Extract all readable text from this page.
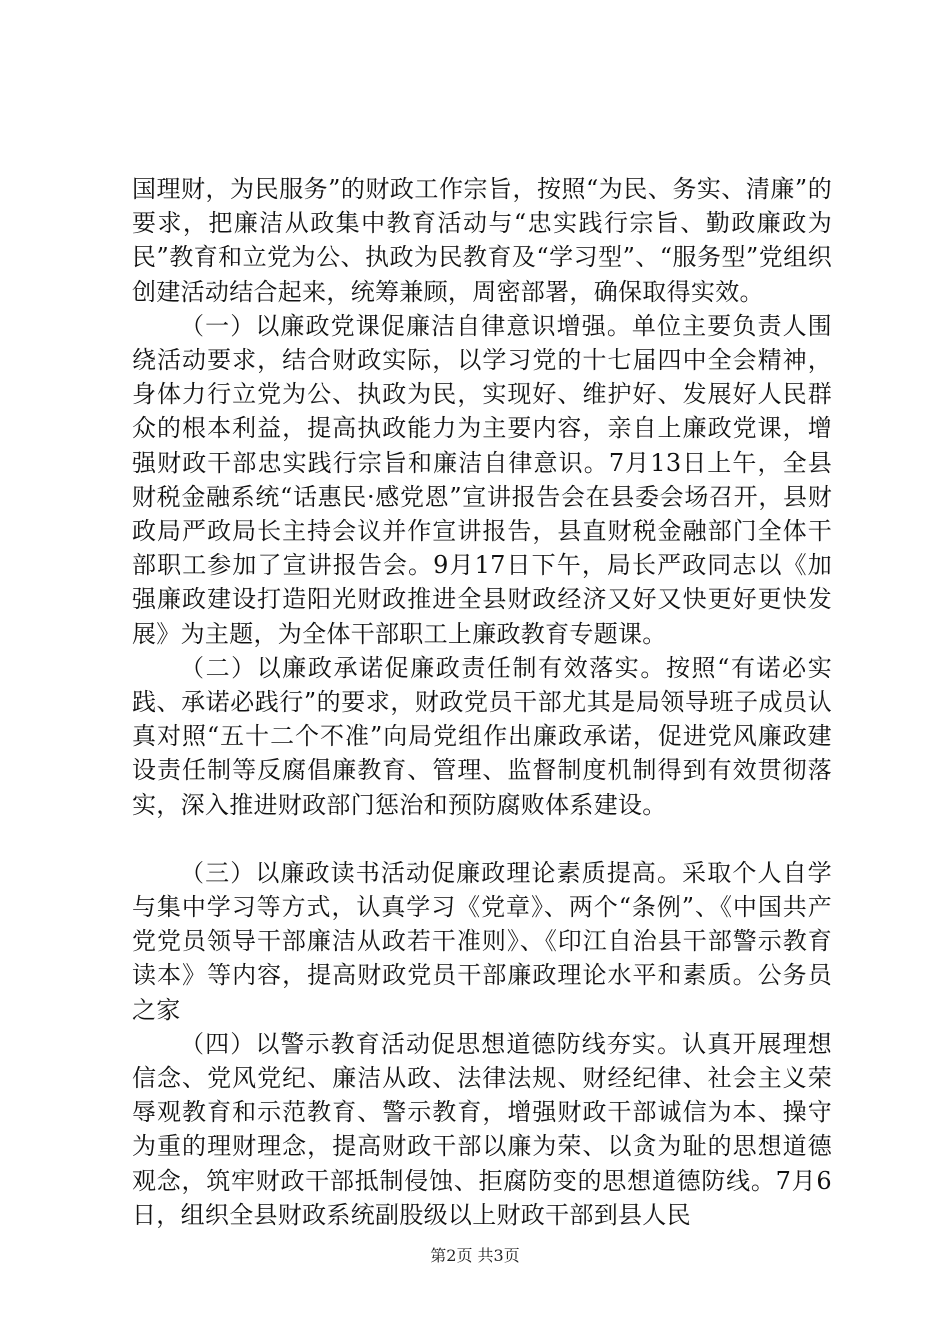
国理财，为民服务”的财政工作宗旨，按照“为民、务实、清廉”的要求，把廉洁从政集中教育活动与“忠实践行宗旨、勤政廉政为民”教育和立党为公、执政为民教育及“学习型”、“服务型”党组织创建活动结合起来，统筹兼顾，周密部署，确保取得实效。

（一）以廉政党课促廉洁自律意识增强。单位主要负责人围绕活动要求，结合财政实际，以学习党的十七届四中全会精神，身体力行立党为公、执政为民，实现好、维护好、发展好人民群众的根本利益，提高执政能力为主要内容，亲自上廉政党课，增强财政干部忠实践行宗旨和廉洁自律意识。7月13日上午，全县财税金融系统“话惠民·感党恩”宣讲报告会在县委会场召开，县财政局严政局长主持会议并作宣讲报告，县直财税金融部门全体干部职工参加了宣讲报告会。9月17日下午，局长严政同志以《加强廉政建设打造阳光财政推进全县财政经济又好又快更好更快发展》为主题，为全体干部职工上廉政教育专题课。

（二）以廉政承诺促廉政责任制有效落实。按照“有诺必实践、承诺必践行”的要求，财政党员干部尤其是局领导班子成员认真对照“五十二个不准”向局党组作出廉政承诺，促进党风廉政建设责任制等反腐倡廉教育、管理、监督制度机制得到有效贯彻落实，深入推进财政部门惩治和预防腐败体系建设。

（三）以廉政读书活动促廉政理论素质提高。采取个人自学与集中学习等方式，认真学习《党章》、两个“条例”、《中国共产党党员领导干部廉洁从政若干准则》、《印江自治县干部警示教育读本》等内容，提高财政党员干部廉政理论水平和素质。公务员之家

（四）以警示教育活动促思想道德防线夯实。认真开展理想信念、党风党纪、廉洁从政、法律法规、财经纪律、社会主义荣辱观教育和示范教育、警示教育，增强财政干部诚信为本、操守为重的理财理念，提高财政干部以廉为荣、以贪为耻的思想道德观念，筑牢财政干部抵制侵蚀、拒腐防变的思想道德防线。7月6日，组织全县财政系统副股级以上财政干部到县人民

第2页 共3页
